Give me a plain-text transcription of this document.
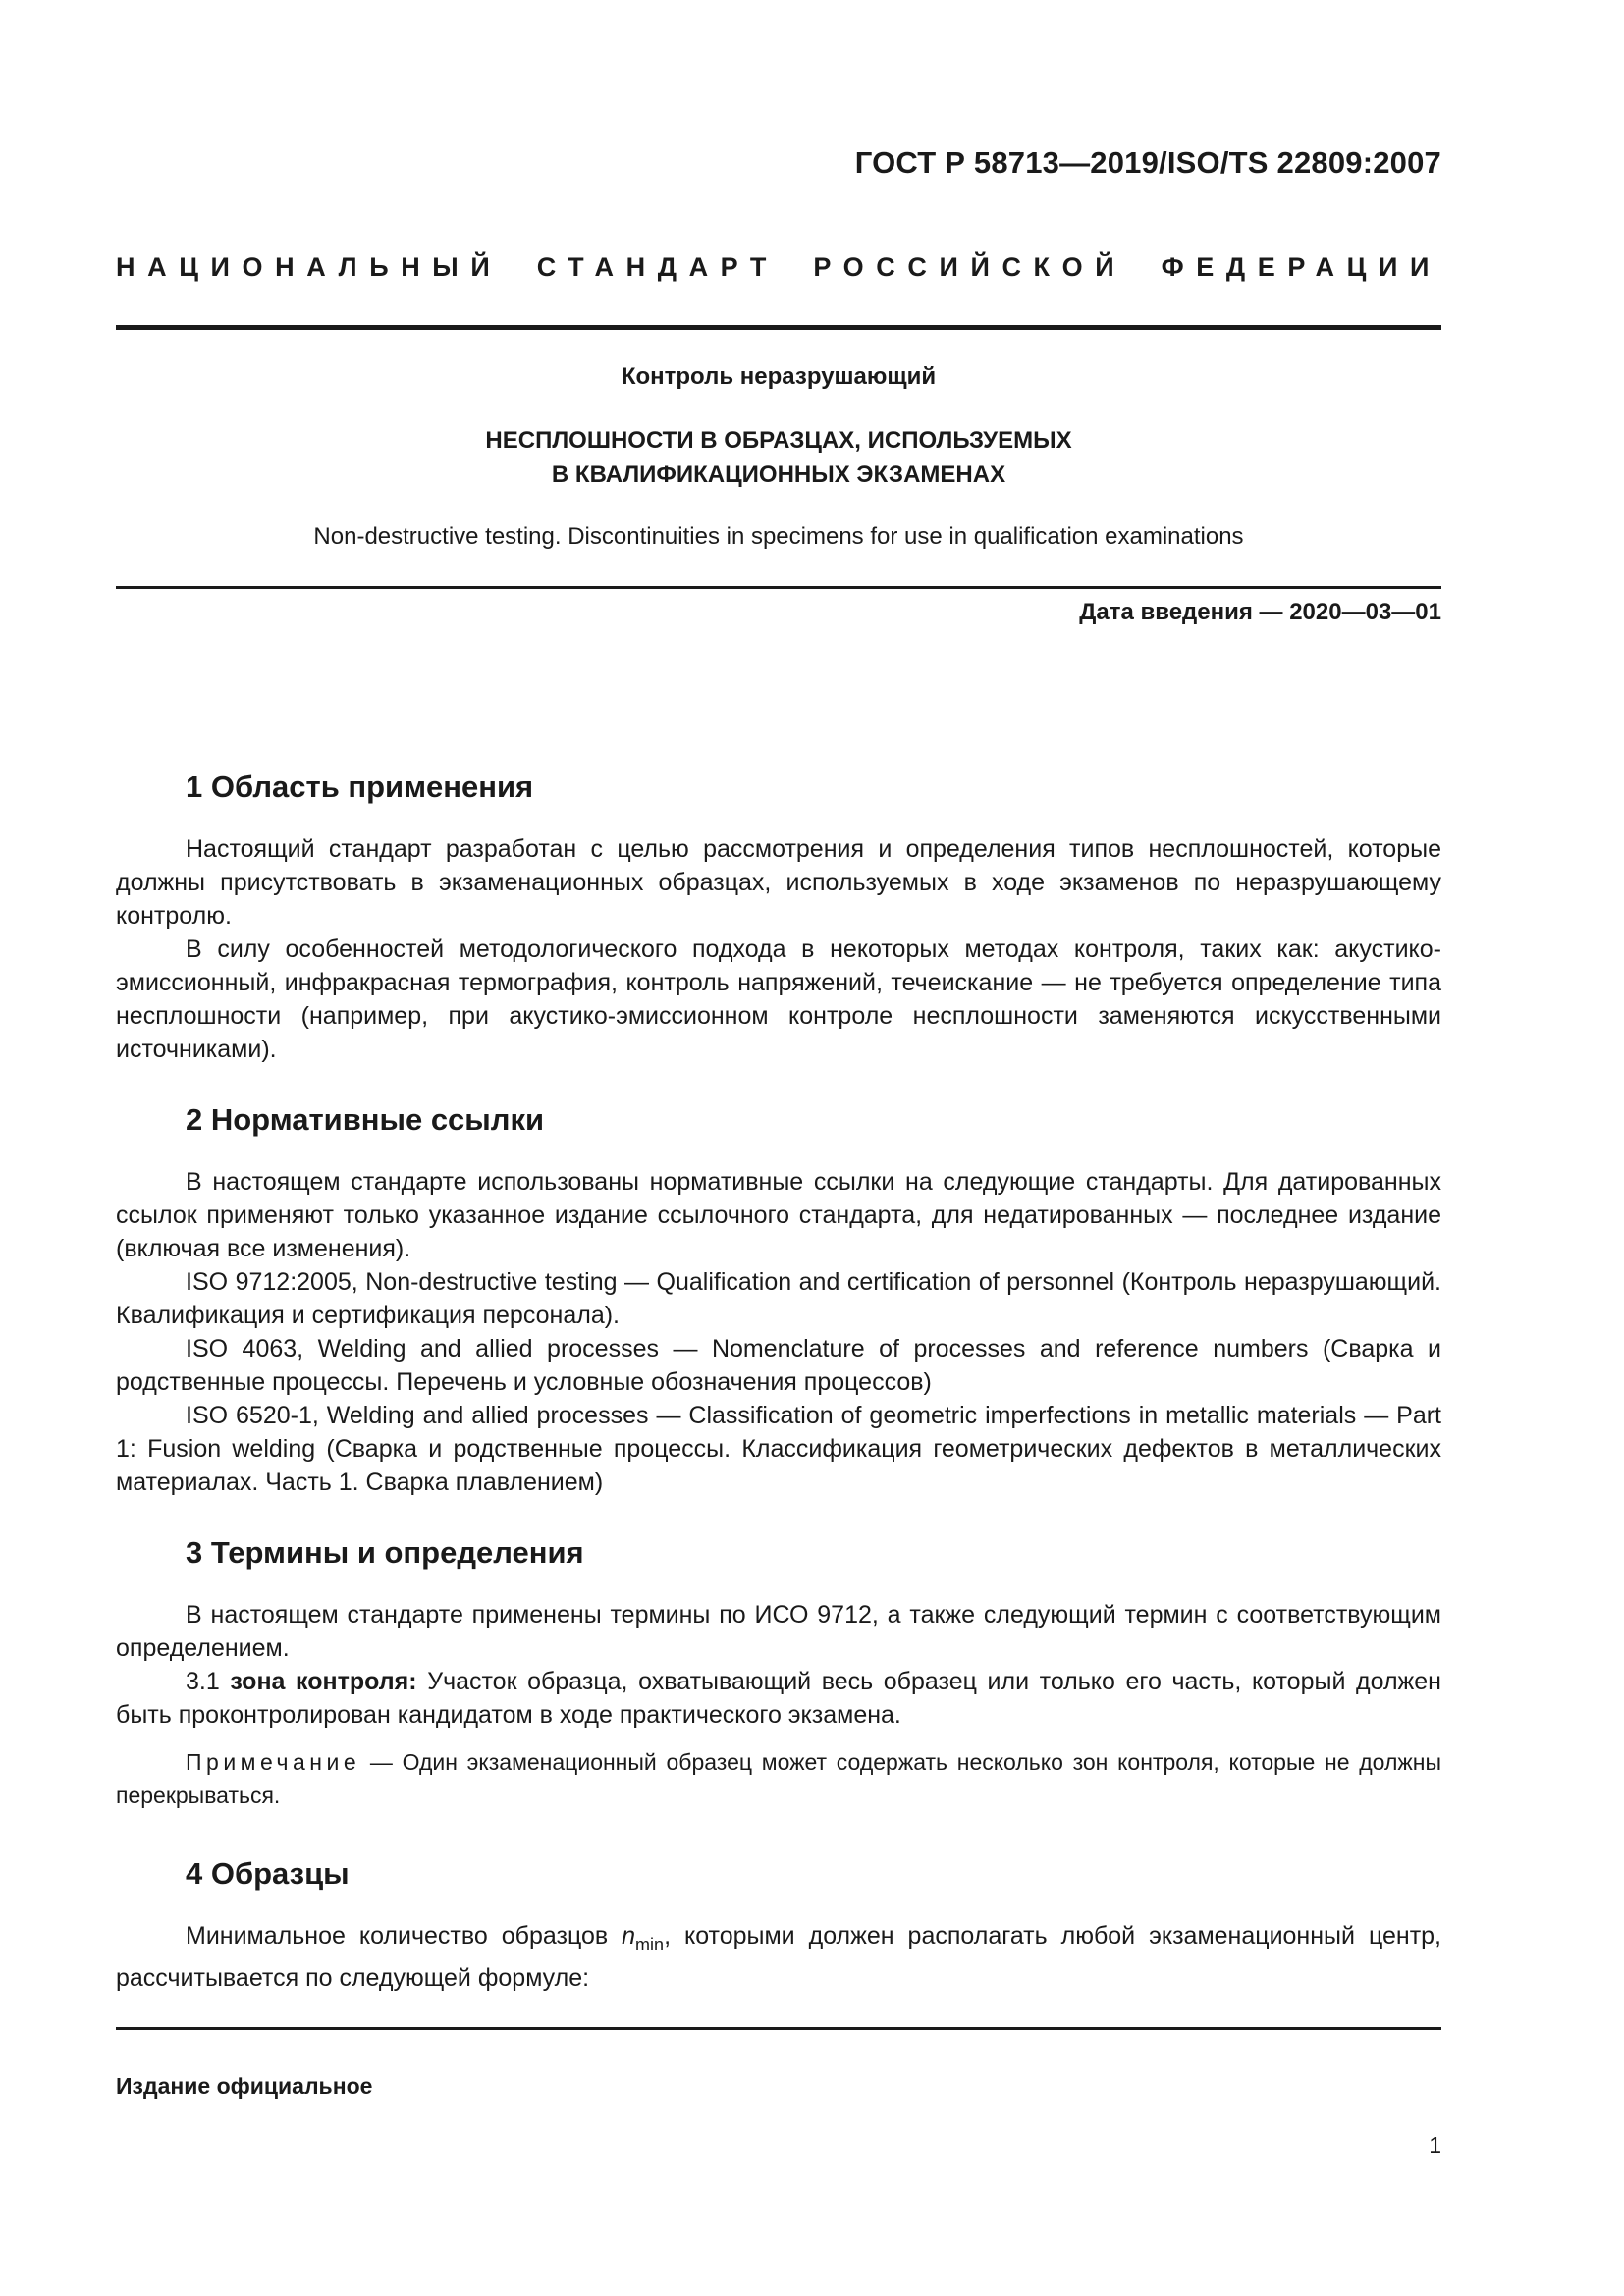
ГОСТ Р 58713—2019/ISO/TS 22809:2007
НАЦИОНАЛЬНЫЙ СТАНДАРТ РОССИЙСКОЙ ФЕДЕРАЦИИ
Контроль неразрушающий
НЕСПЛОШНОСТИ В ОБРАЗЦАХ, ИСПОЛЬЗУЕМЫХ
В КВАЛИФИКАЦИОННЫХ ЭКЗАМЕНАХ
Non-destructive testing. Discontinuities in specimens for use in qualification examinations
Дата введения — 2020—03—01
1 Область применения

Настоящий стандарт разработан с целью рассмотрения и определения типов несплошностей, которые должны присутствовать в экзаменационных образцах, используемых в ходе экзаменов по неразрушающему контролю.

В силу особенностей методологического подхода в некоторых методах контроля, таких как: акустико-эмиссионный, инфракрасная термография, контроль напряжений, течеискание — не требуется определение типа несплошности (например, при акустико-эмиссионном контроле несплошности заменяются искусственными источниками).

2 Нормативные ссылки

В настоящем стандарте использованы нормативные ссылки на следующие стандарты. Для датированных ссылок применяют только указанное издание ссылочного стандарта, для недатированных — последнее издание (включая все изменения).

ISO 9712:2005, Non-destructive testing — Qualification and certification of personnel (Контроль неразрушающий. Квалификация и сертификация персонала).

ISO 4063, Welding and allied processes — Nomenclature of processes and reference numbers (Сварка и родственные процессы. Перечень и условные обозначения процессов)

ISO 6520-1, Welding and allied processes — Classification of geometric imperfections in metallic materials — Part 1: Fusion welding (Сварка и родственные процессы. Классификация геометрических дефектов в металлических материалах. Часть 1. Сварка плавлением)

3 Термины и определения

В настоящем стандарте применены термины по ИСО 9712, а также следующий термин с соответствующим определением.

3.1 зона контроля: Участок образца, охватывающий весь образец или только его часть, который должен быть проконтролирован кандидатом в ходе практического экзамена.

Примечание — Один экзаменационный образец может содержать несколько зон контроля, которые не должны перекрываться.

4 Образцы

Минимальное количество образцов $n_{min}$, которыми должен располагать любой экзаменационный центр, рассчитывается по следующей формуле:

Издание официальное
1
